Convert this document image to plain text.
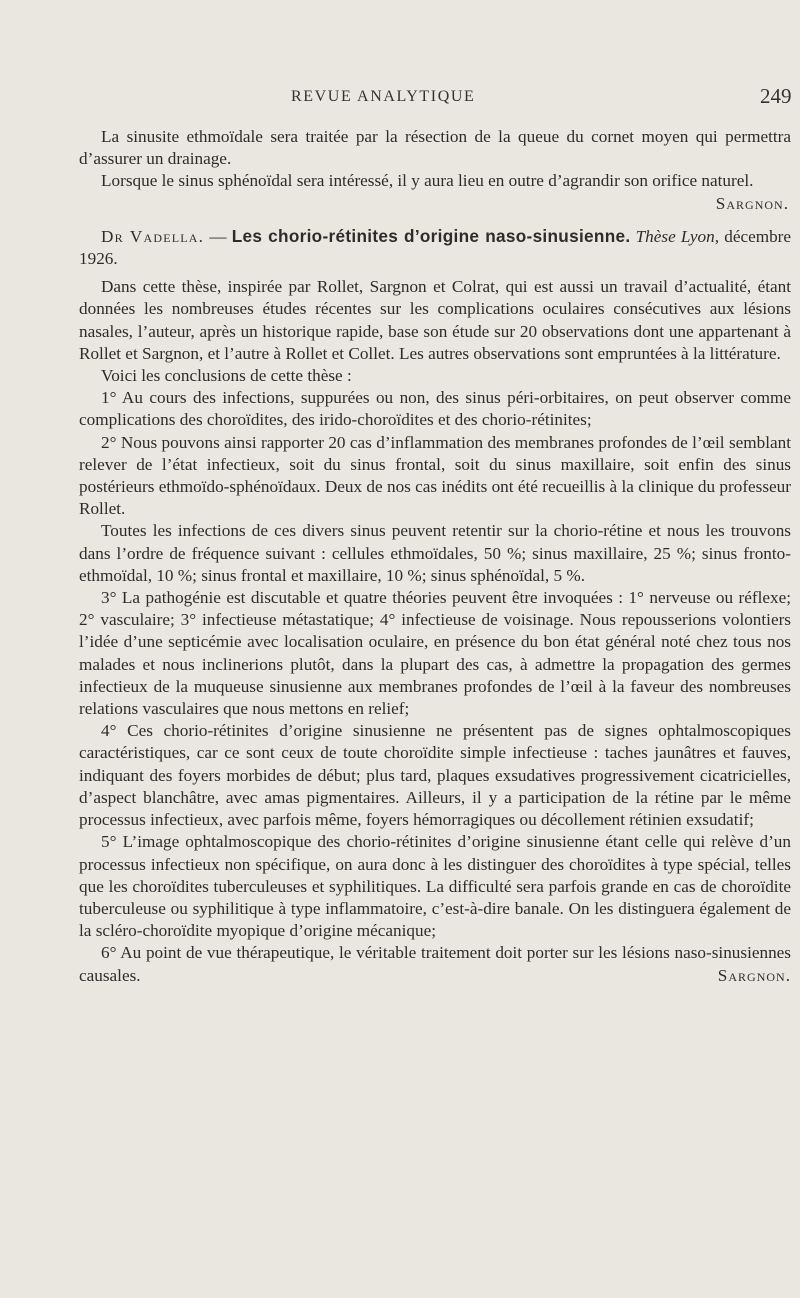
REVUE ANALYTIQUE	249

La sinusite ethmoïdale sera traitée par la résection de la queue du cornet moyen qui permettra d’assurer un drainage.

Lorsque le sinus sphénoïdal sera intéressé, il y aura lieu en outre d’agrandir son orifice naturel.

Sargnon.

Dr Vadella. — Les chorio-rétinites d’origine naso-sinusienne. Thèse Lyon, décembre 1926.

Dans cette thèse, inspirée par Rollet, Sargnon et Colrat, qui est aussi un travail d’actualité, étant données les nombreuses études récentes sur les complications oculaires consécutives aux lésions nasales, l’auteur, après un historique rapide, base son étude sur 20 observations dont une appartenant à Rollet et Sargnon, et l’autre à Rollet et Collet. Les autres observations sont empruntées à la littérature.

Voici les conclusions de cette thèse :

1° Au cours des infections, suppurées ou non, des sinus péri-orbitaires, on peut observer comme complications des choroïdites, des irido-choroïdites et des chorio-rétinites;

2° Nous pouvons ainsi rapporter 20 cas d’inflammation des membranes profondes de l’œil semblant relever de l’état infectieux, soit du sinus frontal, soit du sinus maxillaire, soit enfin des sinus postérieurs ethmoïdo-sphénoïdaux. Deux de nos cas inédits ont été recueillis à la clinique du professeur Rollet.

Toutes les infections de ces divers sinus peuvent retentir sur la chorio-rétine et nous les trouvons dans l’ordre de fréquence suivant : cellules ethmoïdales, 50 %; sinus maxillaire, 25 %; sinus fronto-ethmoïdal, 10 %; sinus frontal et maxillaire, 10 %; sinus sphénoïdal, 5 %.

3° La pathogénie est discutable et quatre théories peuvent être invoquées : 1° nerveuse ou réflexe; 2° vasculaire; 3° infectieuse métastatique; 4° infectieuse de voisinage. Nous repousserions volontiers l’idée d’une septicémie avec localisation oculaire, en présence du bon état général noté chez tous nos malades et nous inclinerions plutôt, dans la plupart des cas, à admettre la propagation des germes infectieux de la muqueuse sinusienne aux membranes profondes de l’œil à la faveur des nombreuses relations vasculaires que nous mettons en relief;

4° Ces chorio-rétinites d’origine sinusienne ne présentent pas de signes ophtalmoscopiques caractéristiques, car ce sont ceux de toute choroïdite simple infectieuse : taches jaunâtres et fauves, indiquant des foyers morbides de début; plus tard, plaques exsudatives progressivement cicatricielles, d’aspect blanchâtre, avec amas pigmentaires. Ailleurs, il y a participation de la rétine par le même processus infectieux, avec parfois même, foyers hémorragiques ou décollement rétinien exsudatif;

5° L’image ophtalmoscopique des chorio-rétinites d’origine sinusienne étant celle qui relève d’un processus infectieux non spécifique, on aura donc à les distinguer des choroïdites à type spécial, telles que les choroïdites tuberculeuses et syphilitiques. La difficulté sera parfois grande en cas de choroïdite tuberculeuse ou syphilitique à type inflammatoire, c’est-à-dire banale. On les distinguera également de la scléro-choroïdite myopique d’origine mécanique;

6° Au point de vue thérapeutique, le véritable traitement doit porter sur les lésions naso-sinusiennes causales.	Sargnon.
